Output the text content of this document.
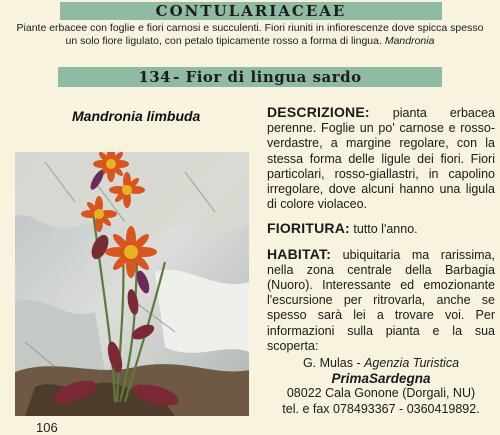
CONTULARIACEAE
Piante erbacee con foglie e fiori carnosi e succulenti. Fiori riuniti in infiorescenze dove spicca spesso un solo fiore ligulato, con petalo tipicamente rosso a forma di lingua. Mandronia
134 - Fior di lingua sardo
Mandronia limbuda	DESCRIZIONE: pianta erbacea perenne. Foglie un po' carnose e rosso-verdastre, a margine regolare, con la stessa forma delle ligule dei fiori. Fiori particolari, rosso-giallastri, in capolino irregolare, dove alcuni hanno una ligula di colore violaceo.
FIORITURA: tutto l'anno.
HABITAT: ubiquitaria ma rarissima, nella zona centrale della Barbagia (Nuoro). Interessante ed emozionante l'escursione per ritrovarla, anche se spesso sarà lei a trovare voi. Per informazioni sulla pianta e la sua scoperta:
G. Mulas - Agenzia Turistica
PrimaSardegna
08022 Cala Gonone (Dorgali, NU)
tel. e fax 078493367 - 0360419892.
106
